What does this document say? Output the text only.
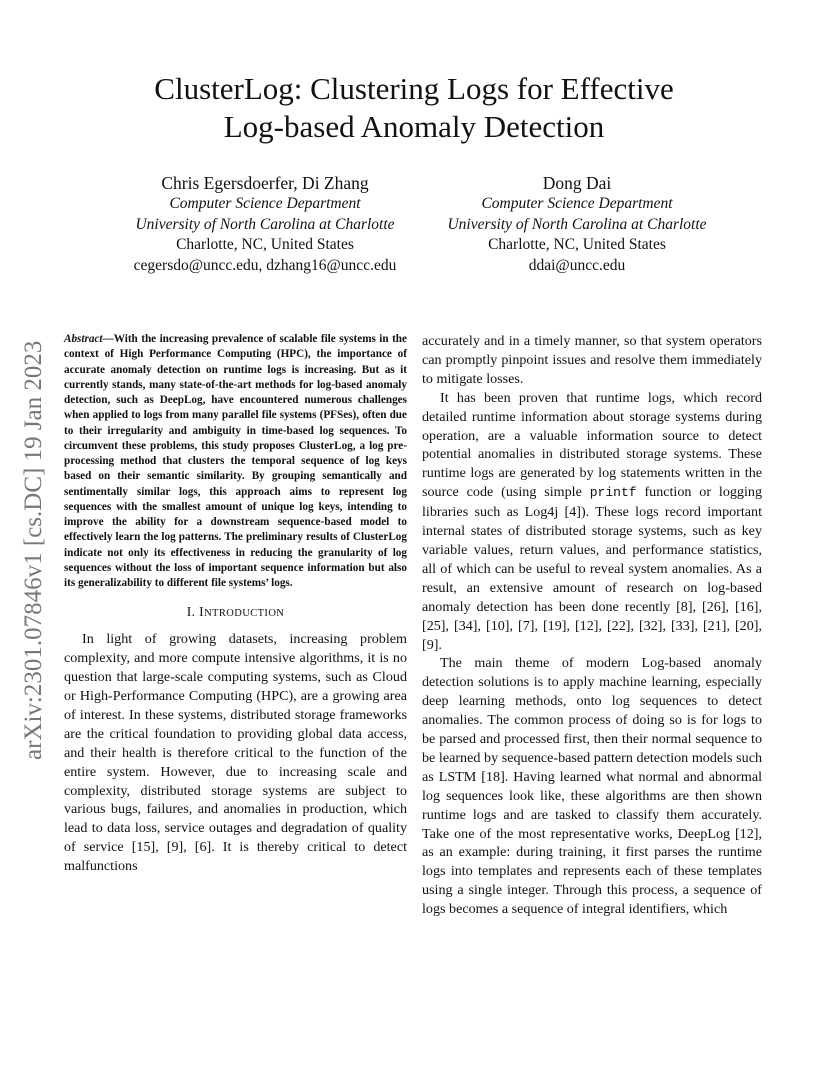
arXiv:2301.07846v1 [cs.DC] 19 Jan 2023
ClusterLog: Clustering Logs for Effective
Log-based Anomaly Detection
Chris Egersdoerfer, Di Zhang
Computer Science Department
University of North Carolina at Charlotte
Charlotte, NC, United States
cegersdo@uncc.edu, dzhang16@uncc.edu
Dong Dai
Computer Science Department
University of North Carolina at Charlotte
Charlotte, NC, United States
ddai@uncc.edu

Abstract—With the increasing prevalence of scalable file systems in the context of High Performance Computing (HPC), the importance of accurate anomaly detection on runtime logs is increasing. But as it currently stands, many state-of-the-art methods for log-based anomaly detection, such as DeepLog, have encountered numerous challenges when applied to logs from many parallel file systems (PFSes), often due to their irregularity and ambiguity in time-based log sequences. To circumvent these problems, this study proposes ClusterLog, a log pre-processing method that clusters the temporal sequence of log keys based on their semantic similarity. By grouping semantically and sentimentally similar logs, this approach aims to represent log sequences with the smallest amount of unique log keys, intending to improve the ability for a downstream sequence-based model to effectively learn the log patterns. The preliminary results of ClusterLog indicate not only its effectiveness in reducing the granularity of log sequences without the loss of important sequence information but also its generalizability to different file systems’ logs.

I. INTRODUCTION

In light of growing datasets, increasing problem complexity, and more compute intensive algorithms, it is no question that large-scale computing systems, such as Cloud or High-Performance Computing (HPC), are a growing area of interest. In these systems, distributed storage frameworks are the critical foundation to providing global data access, and their health is therefore critical to the function of the entire system. However, due to increasing scale and complexity, distributed storage systems are subject to various bugs, failures, and anomalies in production, which lead to data loss, service outages and degradation of quality of service [15], [9], [6]. It is thereby critical to detect malfunctions

accurately and in a timely manner, so that system operators can promptly pinpoint issues and resolve them immediately to mitigate losses.

It has been proven that runtime logs, which record detailed runtime information about storage systems during operation, are a valuable information source to detect potential anomalies in distributed storage systems. These runtime logs are generated by log statements written in the source code (using simple printf function or logging libraries such as Log4j [4]). These logs record important internal states of distributed storage systems, such as key variable values, return values, and performance statistics, all of which can be useful to reveal system anomalies. As a result, an extensive amount of research on log-based anomaly detection has been done recently [8], [26], [16], [25], [34], [10], [7], [19], [12], [22], [32], [33], [21], [20], [9].

The main theme of modern Log-based anomaly detection solutions is to apply machine learning, especially deep learning methods, onto log sequences to detect anomalies. The common process of doing so is for logs to be parsed and processed first, then their normal sequence to be learned by sequence-based pattern detection models such as LSTM [18]. Having learned what normal and abnormal log sequences look like, these algorithms are then shown runtime logs and are tasked to classify them accurately. Take one of the most representative works, DeepLog [12], as an example: during training, it first parses the runtime logs into templates and represents each of these templates using a single integer. Through this process, a sequence of logs becomes a sequence of integral identifiers, which
